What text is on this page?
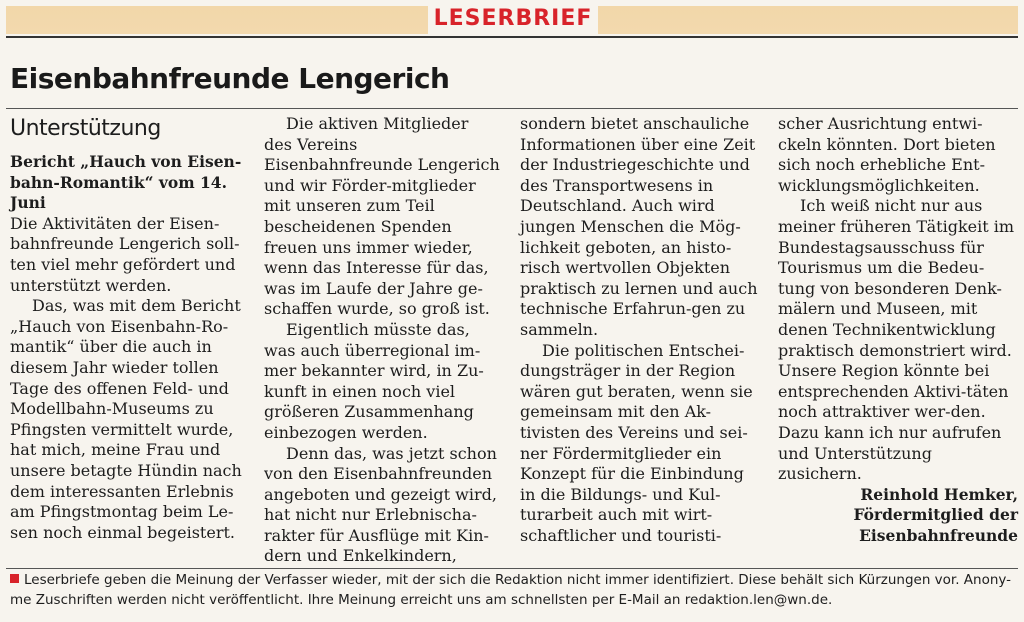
LESERBRIEF
Eisenbahnfreunde Lengerich
Unterstützung

Bericht „Hauch von Eisen-bahn-Romantik“ vom 14. Juni

Die Aktivitäten der Eisen-bahnfreunde Lengerich soll-ten viel mehr gefördert und unterstützt werden.

Das, was mit dem Bericht „Hauch von Eisenbahn-Ro-mantik“ über die auch in diesem Jahr wieder tollen Tage des offenen Feld- und Modellbahn-Museums zu Pfingsten vermittelt wurde, hat mich, meine Frau und unsere betagte Hündin nach dem interessanten Erlebnis am Pfingstmontag beim Le-sen noch einmal begeistert.

Die aktiven Mitglieder des Vereins Eisenbahnfreunde Lengerich und wir Förder-mitglieder mit unseren zum Teil bescheidenen Spenden freuen uns immer wieder, wenn das Interesse für das, was im Laufe der Jahre ge-schaffen wurde, so groß ist.

Eigentlich müsste das, was auch überregional im-mer bekannter wird, in Zu-kunft in einen noch viel größeren Zusammenhang einbezogen werden.

Denn das, was jetzt schon von den Eisenbahnfreunden angeboten und gezeigt wird, hat nicht nur Erlebnischa-rakter für Ausflüge mit Kin-dern und Enkelkindern,

sondern bietet anschauliche Informationen über eine Zeit der Industriegeschichte und des Transportwesens in Deutschland. Auch wird jungen Menschen die Mög-lichkeit geboten, an histo-risch wertvollen Objekten praktisch zu lernen und auch technische Erfahrun-gen zu sammeln.

Die politischen Entschei-dungsträger in der Region wären gut beraten, wenn sie gemeinsam mit den Ak-tivisten des Vereins und sei-ner Fördermitglieder ein Konzept für die Einbindung in die Bildungs- und Kul-turarbeit auch mit wirt-schaftlicher und touristi-

scher Ausrichtung entwi-ckeln könnten. Dort bieten sich noch erhebliche Ent-wicklungsmöglichkeiten.

Ich weiß nicht nur aus meiner früheren Tätigkeit im Bundestagsausschuss für Tourismus um die Bedeu-tung von besonderen Denk-mälern und Museen, mit denen Technikentwicklung praktisch demonstriert wird. Unsere Region könnte bei entsprechenden Aktivi-täten noch attraktiver wer-den. Dazu kann ich nur aufrufen und Unterstützung zusichern.

Reinhold Hemker,
Fördermitglied der Eisenbahnfreunde
Leserbriefe geben die Meinung der Verfasser wieder, mit der sich die Redaktion nicht immer identifiziert. Diese behält sich Kürzungen vor. Anony-me Zuschriften werden nicht veröffentlicht. Ihre Meinung erreicht uns am schnellsten per E-Mail an redaktion.len@wn.de.
